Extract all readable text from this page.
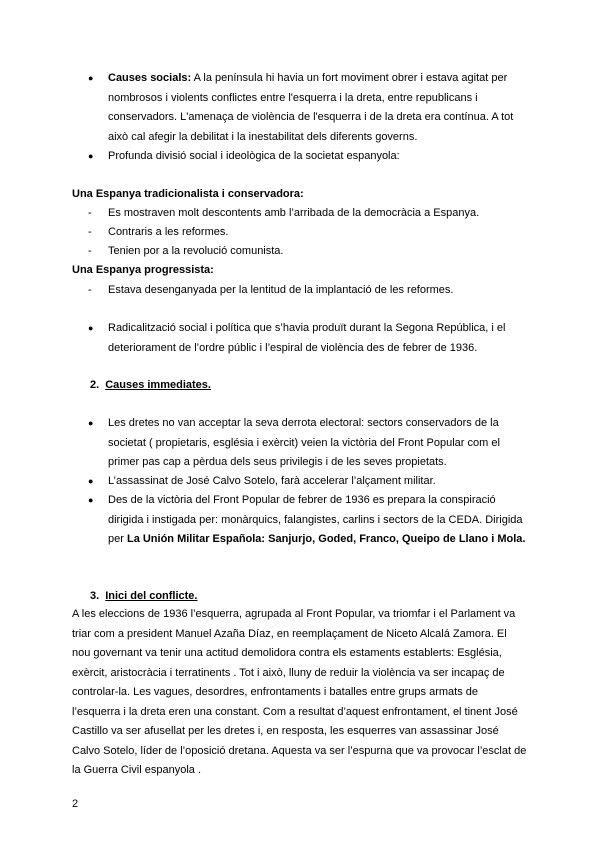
● Causes socials: A la península hi havia un fort moviment obrer i estava agitat per nombrosos i violents conflictes entre l'esquerra i la dreta, entre republicans i conservadors. L'amenaça de violència de l'esquerra i de la dreta era contínua. A tot això cal afegir la debilitat i la inestabilitat dels diferents governs.
● Profunda divisió social i ideològica de la societat espanyola:
Una Espanya tradicionalista i conservadora:
- Es mostraven molt descontents amb l’arribada de la democràcia a Espanya.
- Contraris a les reformes.
- Tenien por a la revolució comunista.
Una Espanya progressista:
- Estava desenganyada per la lentitud de la implantació de les reformes.
● Radicalització social i política que s’havia produït durant la Segona República, i el deteriorament de l’ordre públic i l’espiral de violència des de febrer de 1936.
2. Causes immediates.
● Les dretes no van acceptar la seva derrota electoral: sectors conservadors de la societat ( propietaris, església i exèrcit) veien la victòria del Front Popular com el primer pas cap a pèrdua dels seus privilegis i de les seves propietats.
● L’assassinat de José Calvo Sotelo, farà accelerar l’alçament militar.
● Des de la victòria del Front Popular de febrer de 1936 es prepara la conspiració dirigida i instigada per: monàrquics, falangistes, carlins i sectors de la CEDA. Dirigida per La Unión Militar Española: Sanjurjo, Goded, Franco, Queipo de Llano i Mola.
3. Inici del conflicte.
A les eleccions de 1936 l’esquerra, agrupada al Front Popular, va triomfar i el Parlament va triar com a president Manuel Azaña Díaz, en reemplaçament de Niceto Alcalá Zamora. El nou governant va tenir una actitud demolidora contra els estaments establerts: Església, exèrcit, aristocràcia i terratinents . Tot i això, lluny de reduir la violència va ser incapaç de controlar-la. Les vagues, desordres, enfrontaments i batalles entre grups armats de l’esquerra i la dreta eren una constant. Com a resultat d’aquest enfrontament, el tinent José Castillo va ser afusellat per les dretes i, en resposta, les esquerres van assassinar José Calvo Sotelo, líder de l’oposició dretana. Aquesta va ser l’espurna que va provocar l’esclat de la Guerra Civil espanyola .
2
